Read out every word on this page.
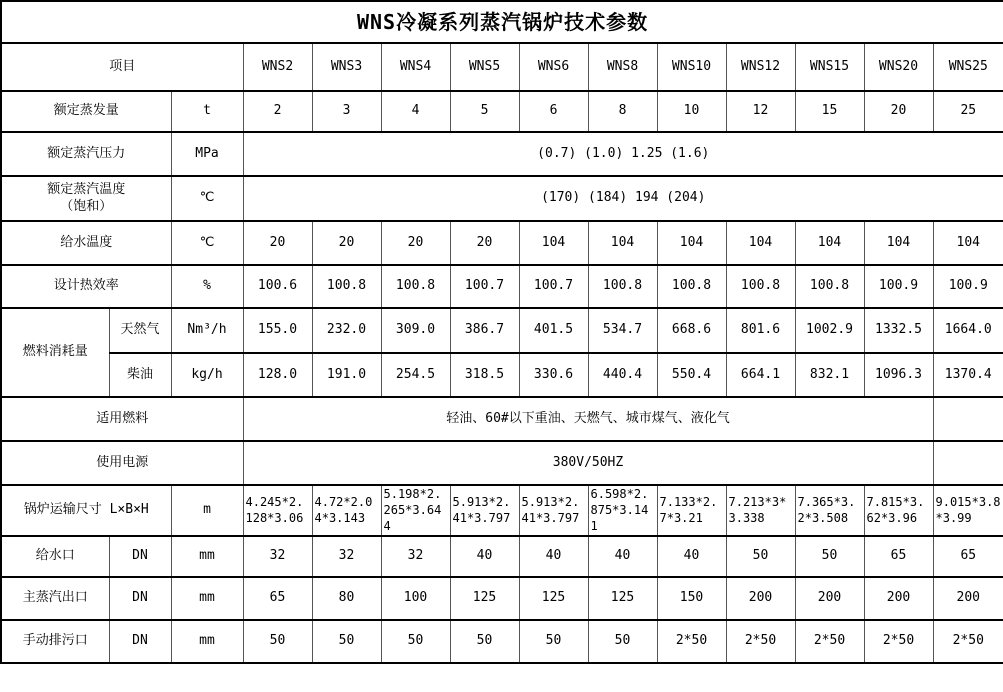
WNS冷凝系列蒸汽锅炉技术参数													
项目			WNS2	WNS3	WNS4	WNS5	WNS6	WNS8	WNS10	WNS12	WNS15	WNS20	WNS25
额定蒸发量		t	2	3	4	5	6	8	10	12	15	20	25
额定蒸汽压力		MPa	(0.7) (1.0) 1.25 (1.6)										

额定蒸汽温度
（饱和）		℃	(170) (184) 194 (204)										
给水温度		℃	20	20	20	20	104	104	104	104	104	104	104
设计热效率		%	100.6	100.8	100.8	100.7	100.7	100.8	100.8	100.8	100.8	100.9	100.9
燃料消耗量	天然气	Nm³/h	155.0	232.0	309.0	386.7	401.5	534.7	668.6	801.6	1002.9	1332.5	1664.0
	柴油	kg/h	128.0	191.0	254.5	318.5	330.6	440.4	550.4	664.1	832.1	1096.3	1370.4
适用燃料			轻油、60#以下重油、天燃气、城市煤气、液化气										
使用电源			380V/50HZ										
锅炉运输尺寸 L×B×H		m	4.245*2.128*3.06	4.72*2.04*3.143	5.198*2.265*3.644	5.913*2.41*3.797	5.913*2.41*3.797	6.598*2.875*3.141	7.133*2.7*3.21	7.213*3*3.338	7.365*3.2*3.508	7.815*3.62*3.96	9.015*3.8*3.99
给水口	DN	mm	32	32	32	40	40	40	40	50	50	65	65
主蒸汽出口	DN	mm	65	80	100	125	125	125	150	200	200	200	200
手动排污口	DN	mm	50	50	50	50	50	50	2*50	2*50	2*50	2*50	2*50
